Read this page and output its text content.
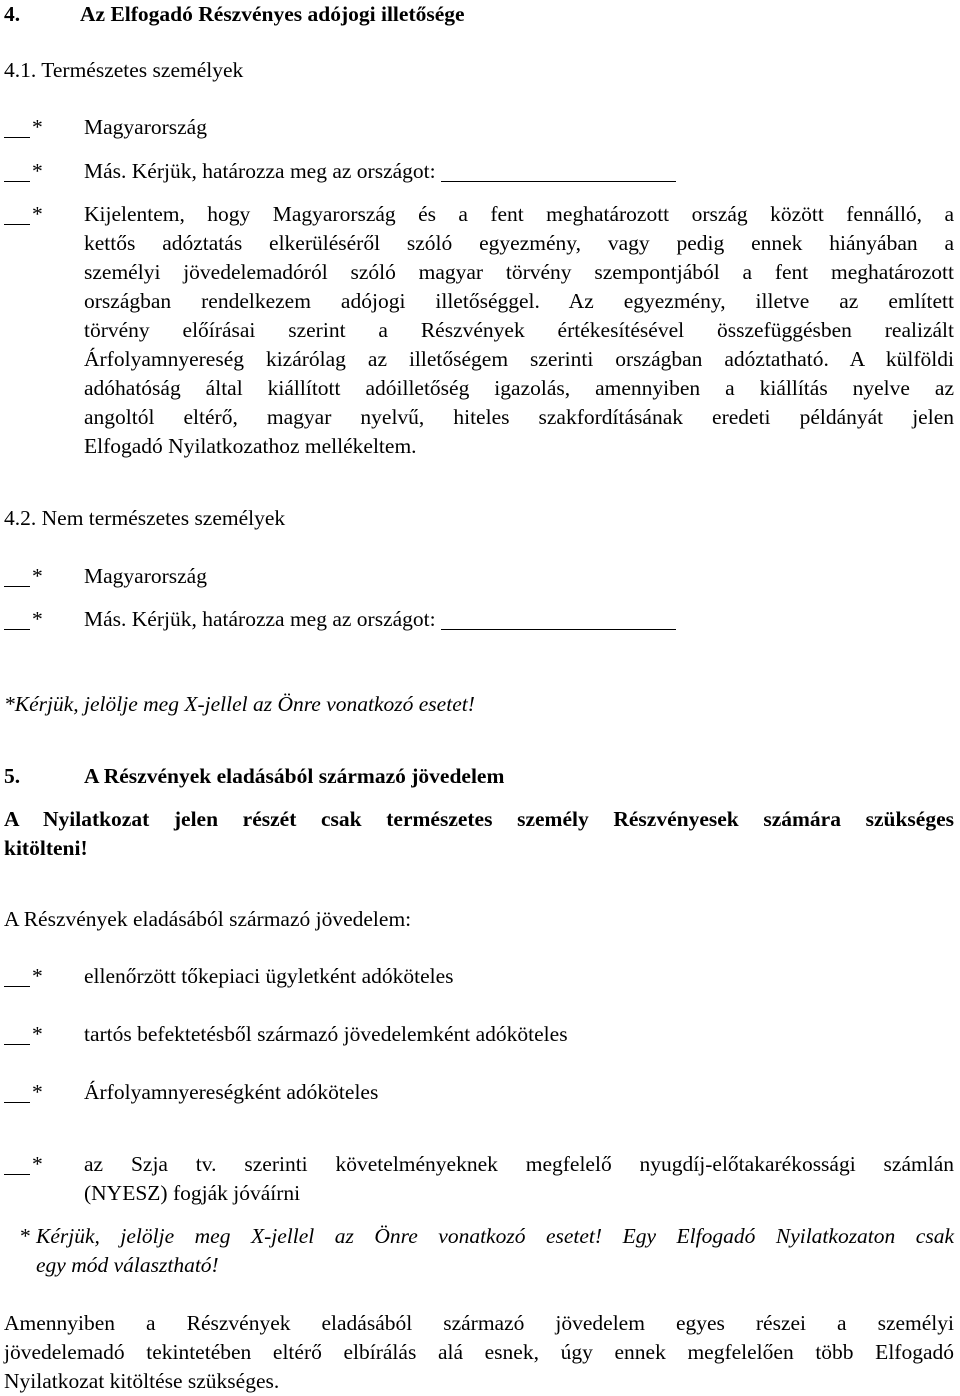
4.	Az Elfogadó Részvényes adójogi illetősége
4.1. Természetes személyek
* Magyarország
* Más. Kérjük, határozza meg az országot:
* Kijelentem, hogy Magyarország és a fent meghatározott ország között fennálló, a
kettős adóztatás elkerüléséről szóló egyezmény, vagy pedig ennek hiányában a
személyi jövedelemadóról szóló magyar törvény szempontjából a fent meghatározott
országban rendelkezem adójogi illetőséggel. Az egyezmény, illetve az említett
törvény előírásai szerint a Részvények értékesítésével összefüggésben realizált
Árfolyamnyereség kizárólag az illetőségem szerinti országban adóztatható. A külföldi
adóhatóság által kiállított adóilletőség igazolás, amennyiben a kiállítás nyelve az
angoltól eltérő, magyar nyelvű, hiteles szakfordításának eredeti példányát jelen
Elfogadó Nyilatkozathoz mellékeltem.
4.2. Nem természetes személyek
* Magyarország
* Más. Kérjük, határozza meg az országot:
*Kérjük, jelölje meg X-jellel az Önre vonatkozó esetet!
5.	A Részvények eladásából származó jövedelem
A Nyilatkozat jelen részét csak természetes személy Részvényesek számára szükséges
kitölteni!
A Részvények eladásából származó jövedelem:
* ellenőrzött tőkepiaci ügyletként adóköteles
* tartós befektetésből származó jövedelemként adóköteles
* Árfolyamnyereségként adóköteles
* az Szja tv. szerinti követelményeknek megfelelő nyugdíj-előtakarékossági számlán
(NYESZ) fogják jóváírni
* Kérjük, jelölje meg X-jellel az Önre vonatkozó esetet! Egy Elfogadó Nyilatkozaton csak
egy mód választható!
Amennyiben a Részvények eladásából származó jövedelem egyes részei a személyi
jövedelemadó tekintetében eltérő elbírálás alá esnek, úgy ennek megfelelően több Elfogadó
Nyilatkozat kitöltése szükséges.
